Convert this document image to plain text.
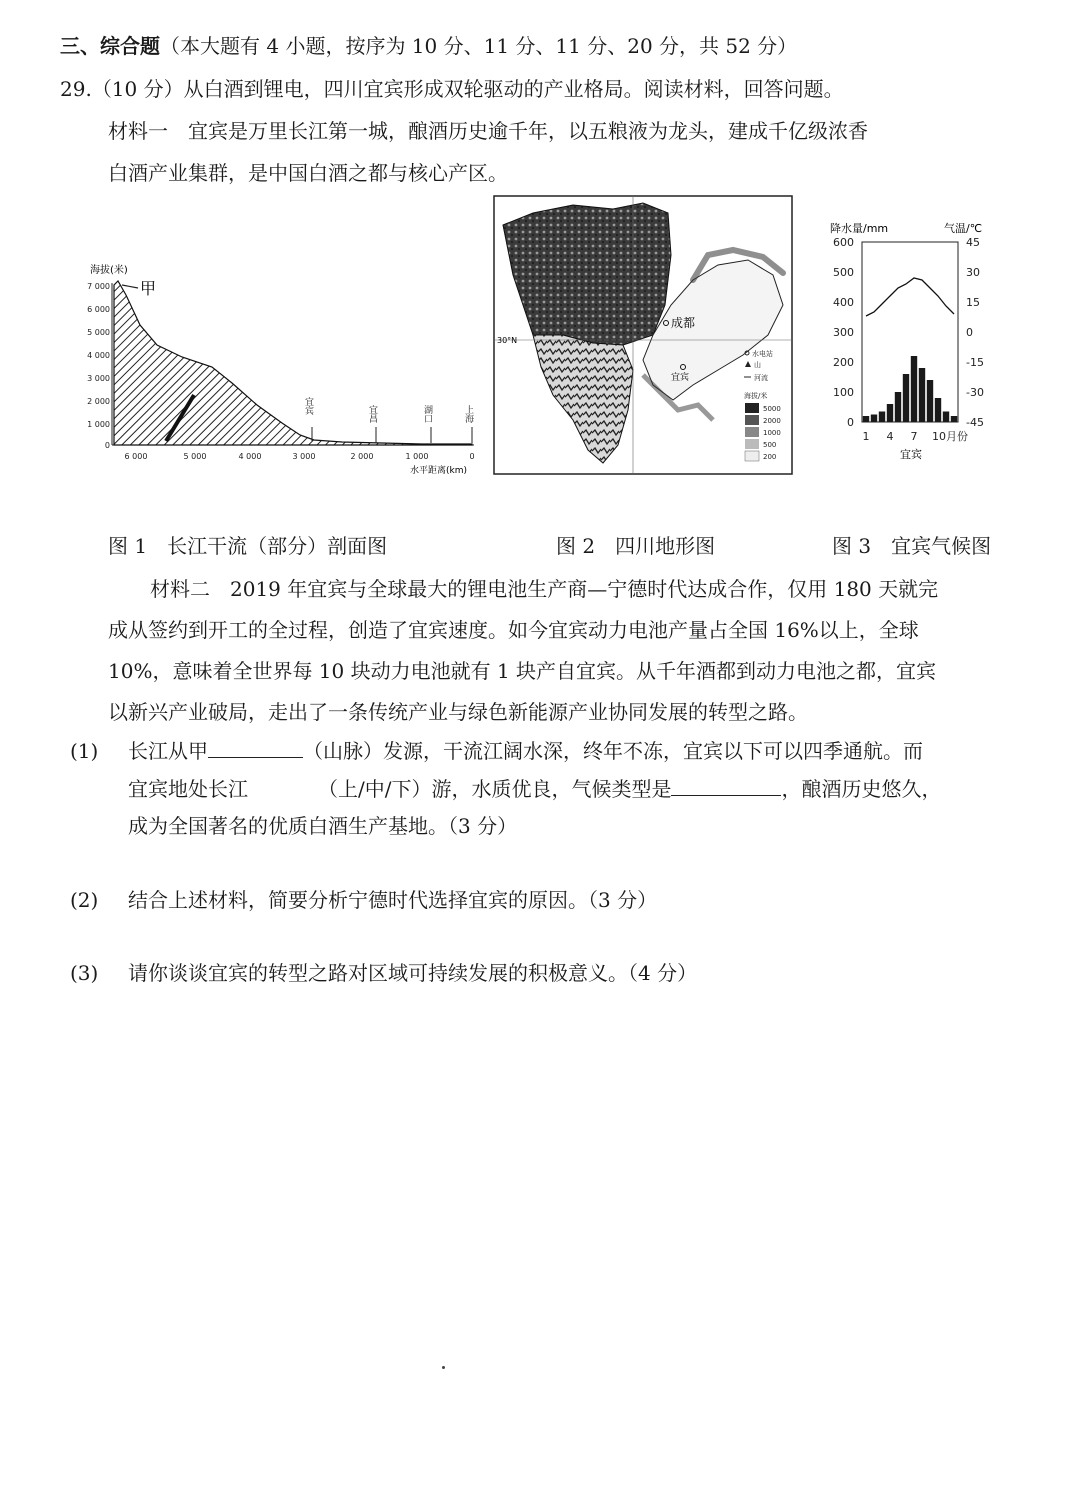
三、综合题（本大题有 4 小题，按序为 10 分、11 分、11 分、20 分，共 52 分）
29.（10 分）从白酒到锂电，四川宜宾形成双轮驱动的产业格局。阅读材料，回答问题。
材料一　宜宾是万里长江第一城，酿酒历史逾千年，以五粮液为龙头，建成千亿级浓香
白酒产业集群，是中国白酒之都与核心产区。
海拔(米)
7 000
6 000
5 000
4 000
3 000
2 000
1 000
0
甲
宜宾	宜昌	湖口	上海
6 000	5 000	4 000	3 000	2 000	1 000	0
水平距离(km)
30°N
成都
宜宾
水电站
山
河流
海拔/米
5000
2000
1000
500
200
降水量/mm	气温/℃
600
500
400
300
200
100
0
45
30
15
0
-15
-30
-45
1 4 7 10月份
宜宾
图 1　长江干流（部分）剖面图	图 2　四川地形图	图 3　宜宾气候图
材料二　2019 年宜宾与全球最大的锂电池生产商—宁德时代达成合作，仅用 180 天就完
成从签约到开工的全过程，创造了宜宾速度。如今宜宾动力电池产量占全国 16%以上，全球
10%，意味着全世界每 10 块动力电池就有 1 块产自宜宾。从千年酒都到动力电池之都，宜宾
以新兴产业破局，走出了一条传统产业与绿色新能源产业协同发展的转型之路。
(1) 长江从甲	（山脉）发源，干流江阔水深，终年不冻，宜宾以下可以四季通航。而
宜宾地处长江	（上/中/下）游，水质优良，气候类型是	，酿酒历史悠久，
成为全国著名的优质白酒生产基地。（3 分）
(2) 结合上述材料，简要分析宁德时代选择宜宾的原因。（3 分）
(3) 请你谈谈宜宾的转型之路对区域可持续发展的积极意义。（4 分）
